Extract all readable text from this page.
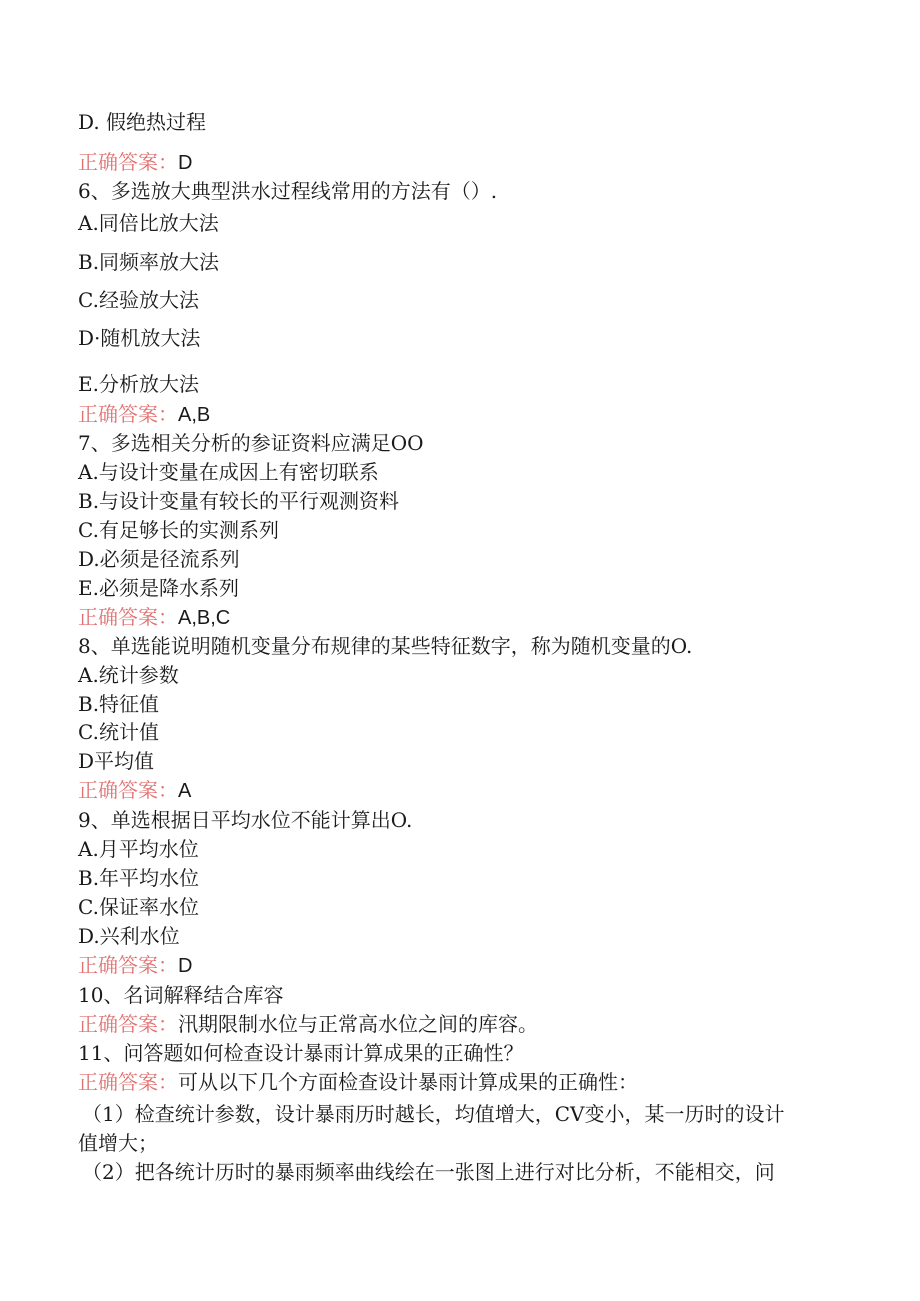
D. 假绝热过程
正确答案：D
6、多选放大典型洪水过程线常用的方法有（）.
A.同倍比放大法
B.同频率放大法
C.经验放大法
D·随机放大法
E.分析放大法
正确答案：A,B
7、多选相关分析的参证资料应满足OO
A.与设计变量在成因上有密切联系
B.与设计变量有较长的平行观测资料
C.有足够长的实测系列
D.必须是径流系列
E.必须是降水系列
正确答案：A,B,C
8、单选能说明随机变量分布规律的某些特征数字，称为随机变量的O.
A.统计参数
B.特征值
C.统计值
D平均值
正确答案：A
9、单选根据日平均水位不能计算出O.
A.月平均水位
B.年平均水位
C.保证率水位
D.兴利水位
正确答案：D
10、名词解释结合库容
正确答案：汛期限制水位与正常高水位之间的库容。
11、问答题如何检查设计暴雨计算成果的正确性？
正确答案：可从以下几个方面检查设计暴雨计算成果的正确性：
（1）检查统计参数，设计暴雨历时越长，均值增大，CV变小，某一历时的设计
值增大；
（2）把各统计历时的暴雨频率曲线绘在一张图上进行对比分析，不能相交，问
